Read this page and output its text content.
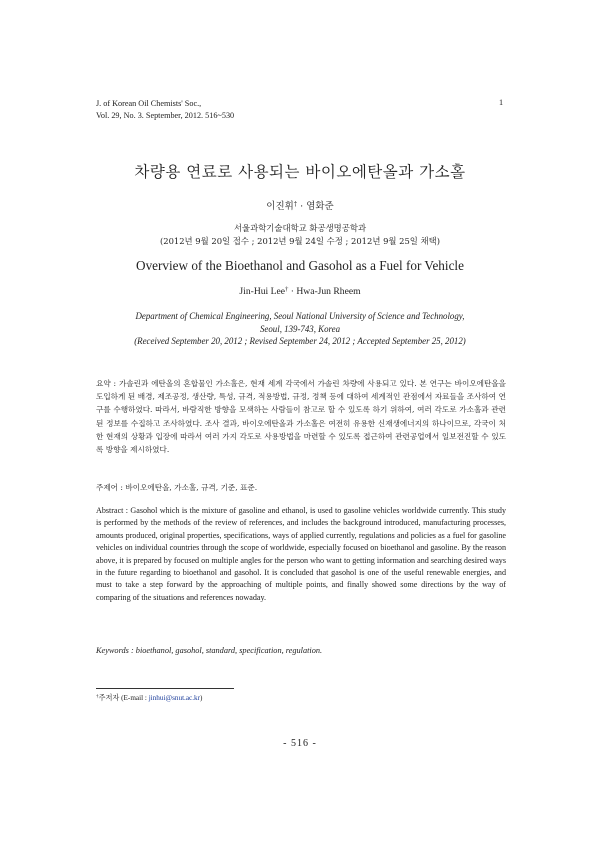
J. of Korean Oil Chemists' Soc.,
Vol. 29, No. 3. September, 2012. 516~530
1
차량용 연료로 사용되는 바이오에탄올과 가소홀
이진휘† · 염화준
서울과학기술대학교 화공생명공학과
(2012년 9월 20일 접수 ; 2012년 9월 24일 수정 ; 2012년 9월 25일 채택)
Overview of the Bioethanol and Gasohol as a Fuel for Vehicle
Jin-Hui Lee† · Hwa-Jun Rheem
Department of Chemical Engineering, Seoul National University of Science and Technology,
Seoul, 139-743, Korea
(Received September 20, 2012 ; Revised September 24, 2012 ; Accepted September 25, 2012)
요약 : 가솔린과 에탄올의 혼합물인 가소홀은, 현재 세계 각국에서 가솔린 차량에 사용되고 있다. 본 연구는 바이오에탄올을 도입하게 된 배경, 제조공정, 생산량, 특성, 규격, 적용방법, 규정, 정책 등에 대하여 세계적인 관점에서 자료들을 조사하여 연구를 수행하였다. 따라서, 바람직한 방향을 모색하는 사람들이 참고로 할 수 있도록 하기 위하여, 여러 각도로 가소홀과 관련된 정보를 수집하고 조사하였다. 조사 결과, 바이오에탄올과 가소홀은 여전히 유용한 신재생에너지의 하나이므로, 각국이 처한 현재의 상황과 입장에 따라서 여러 가지 각도로 사용방법을 마련할 수 있도록 접근하여 관련공업에서 일보전진할 수 있도록 방향을 제시하였다.
주제어 : 바이오에탄올, 가소홀, 규격, 기준, 표준.
Abstract : Gasohol which is the mixture of gasoline and ethanol, is used to gasoline vehicles worldwide currently. This study is performed by the methods of the review of references, and includes the background introduced, manufacturing processes, amounts produced, original properties, specifications, ways of applied currently, regulations and policies as a fuel for gasoline vehicles on individual countries through the scope of worldwide, especially focused on bioethanol and gasoline. By the reason above, it is prepared by focused on multiple angles for the person who want to getting information and searching desired ways in the future regarding to bioethanol and gasohol. It is concluded that gasohol is one of the useful renewable energies, and must to take a step forward by the approaching of multiple points, and finally showed some directions by the way of comparing of the situations and references nowaday.
Keywords : bioethanol, gasohol, standard, specification, regulation.
†주저자 (E-mail : jinhui@snut.ac.kr)
- 516 -
